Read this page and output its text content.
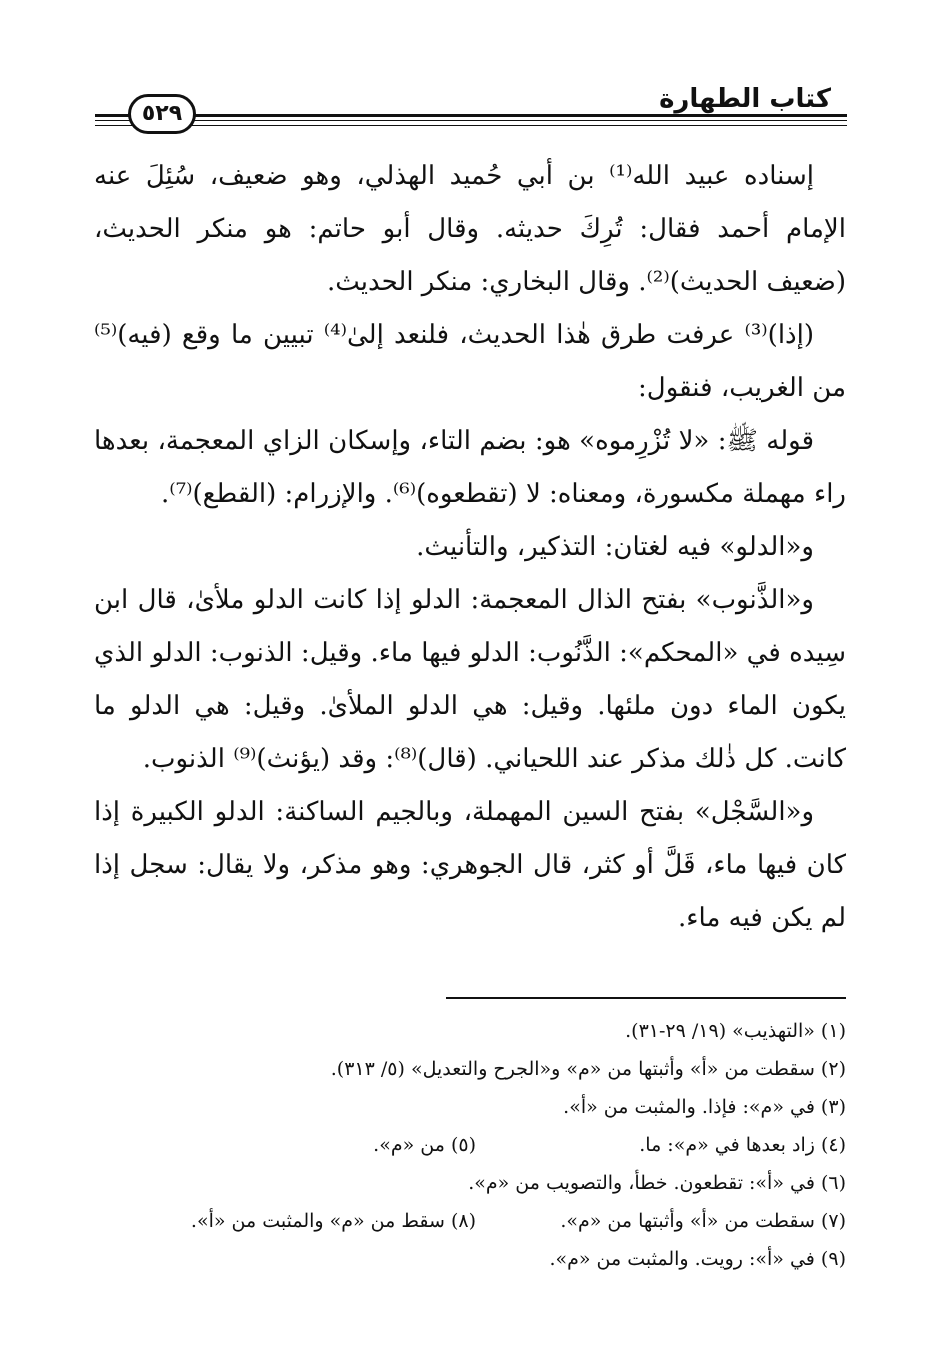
كتاب الطهارة
٥٢٩

إسناده عبيد الله⁽¹⁾ بن أبي حُميد الهذلي، وهو ضعيف، سُئِلَ عنه الإمام أحمد فقال: تُرِكَ حديثه. وقال أبو حاتم: هو منكر الحديث، (ضعيف الحديث)⁽²⁾. وقال البخاري: منكر الحديث.

(إذا)⁽³⁾ عرفت طرق هٰذا الحديث، فلنعد إلىٰ⁽⁴⁾ تبيين ما وقع (فيه)⁽⁵⁾ من الغريب، فنقول:

قوله ﷺ: «لا تُزْرِموه» هو: بضم التاء، وإسكان الزاي المعجمة، بعدها راء مهملة مكسورة، ومعناه: لا (تقطعوه)⁽⁶⁾. والإزرام: (القطع)⁽⁷⁾.

و«الدلو» فيه لغتان: التذكير، والتأنيث.

و«الذَّنوب» بفتح الذال المعجمة: الدلو إذا كانت الدلو ملأىٰ، قال ابن سِيده في «المحكم»: الذَّنُوب: الدلو فيها ماء. وقيل: الذنوب: الدلو الذي يكون الماء دون ملئها. وقيل: هي الدلو الملأىٰ. وقيل: هي الدلو ما كانت. كل ذٰلك مذكر عند اللحياني. (قال)⁽⁸⁾: وقد (يؤنث)⁽⁹⁾ الذنوب.

و«السَّجْل» بفتح السين المهملة، وبالجيم الساكنة: الدلو الكبيرة إذا كان فيها ماء، قَلَّ أو كثر، قال الجوهري: وهو مذكر، ولا يقال: سجل إذا لم يكن فيه ماء.

(١) «التهذيب» (١٩/ ٢٩-٣١).
(٢) سقطت من «أ» وأثبتها من «م» و«الجرح والتعديل» (٥/ ٣١٣).
(٣) في «م»: فإذا. والمثبت من «أ».
(٤) زاد بعدها في «م»: ما.
(٥) من «م».
(٦) في «أ»: تقطعون. خطأ، والتصويب من «م».
(٧) سقطت من «أ» وأثبتها من «م».
(٨) سقط من «م» والمثبت من «أ».
(٩) في «أ»: رويت. والمثبت من «م».
